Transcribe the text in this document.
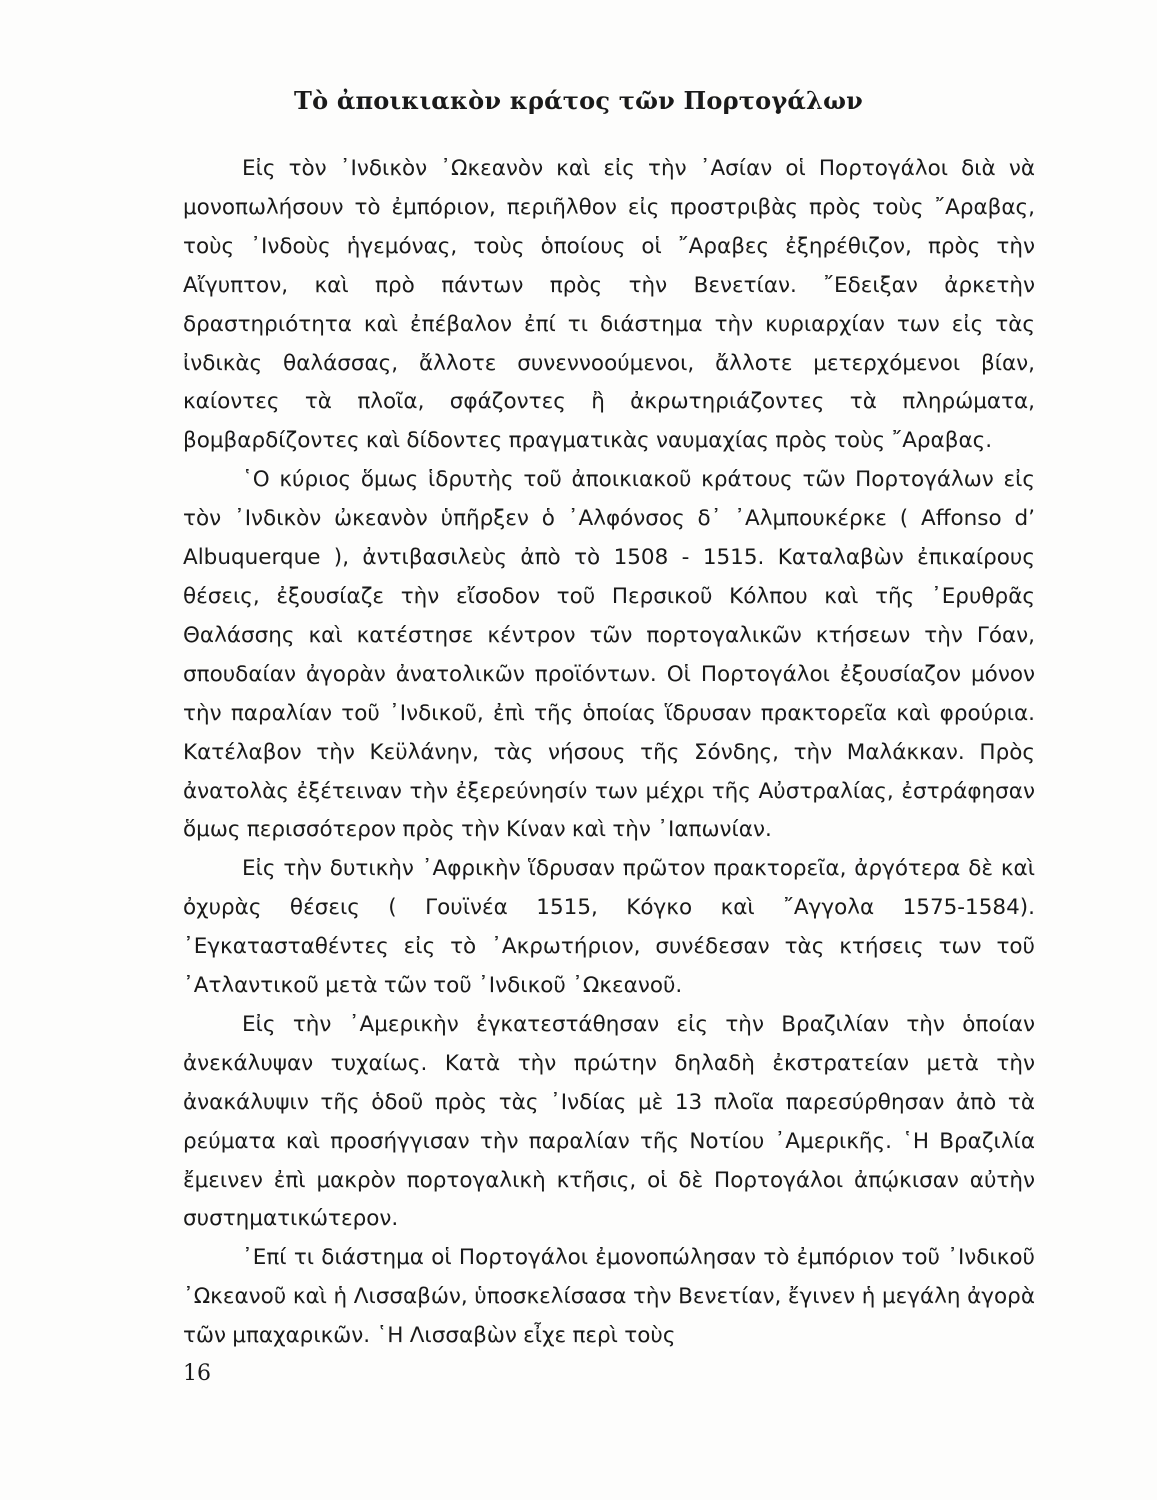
Τὸ ἀποικιακὸν κράτος τῶν Πορτογάλων

Εἰς τὸν ᾿Ινδικὸν ᾿Ωκεανὸν καὶ εἰς τὴν ᾿Ασίαν οἱ Πορτογάλοι διὰ νὰ μονοπωλήσουν τὸ ἐμπόριον, περιῆλθον εἰς προστριβὰς πρὸς τοὺς ῎Αραβας, τοὺς ᾿Ινδοὺς ἡγεμόνας, τοὺς ὁποίους οἱ ῎Αραβες ἐξηρέθιζον, πρὸς τὴν Αἴγυπτον, καὶ πρὸ πάντων πρὸς τὴν Βενετίαν. ῎Εδειξαν ἀρκετὴν δραστηριότητα καὶ ἐπέβαλον ἐπί τι διάστημα τὴν κυριαρχίαν των εἰς τὰς ἰνδικὰς θαλάσσας, ἄλλοτε συνεννοούμενοι, ἄλλοτε μετερχόμενοι βίαν, καίοντες τὰ πλοῖα, σφάζοντες ἢ ἀκρωτηριάζοντες τὰ πληρώματα, βομβαρδίζοντες καὶ δίδοντες πραγματικὰς ναυμαχίας πρὸς τοὺς ῎Αραβας.

῾Ο κύριος ὅμως ἱδρυτὴς τοῦ ἀποικιακοῦ κράτους τῶν Πορτογάλων εἰς τὸν ᾿Ινδικὸν ὠκεανὸν ὑπῆρξεν ὁ ᾿Αλφόνσος δ᾿ ᾿Αλμπουκέρκε ( Affonso d’ Albuquerque ), ἀντιβασιλεὺς ἀπὸ τὸ 1508 - 1515. Καταλαβὼν ἐπικαίρους θέσεις, ἐξουσίαζε τὴν εἴσοδον τοῦ Περσικοῦ Κόλπου καὶ τῆς ᾿Ερυθρᾶς Θαλάσσης καὶ κατέστησε κέντρον τῶν πορτογαλικῶν κτήσεων τὴν Γόαν, σπουδαίαν ἀγορὰν ἀνατολικῶν προϊόντων. Οἱ Πορτογάλοι ἐξουσίαζον μόνον τὴν παραλίαν τοῦ ᾿Ινδικοῦ, ἐπὶ τῆς ὁποίας ἵδρυσαν πρακτορεῖα καὶ φρούρια. Κατέλαβον τὴν Κεϋλάνην, τὰς νήσους τῆς Σόνδης, τὴν Μαλάκκαν. Πρὸς ἀνατολὰς ἐξέτειναν τὴν ἐξερεύνησίν των μέχρι τῆς Αὐστραλίας, ἐστράφησαν ὅμως περισσότερον πρὸς τὴν Κίναν καὶ τὴν ᾿Ιαπωνίαν.

Εἰς τὴν δυτικὴν ᾿Αφρικὴν ἵδρυσαν πρῶτον πρακτορεῖα, ἀργότερα δὲ καὶ ὀχυρὰς θέσεις ( Γουϊνέα 1515, Κόγκο καὶ ῎Αγγολα 1575-1584). ᾿Εγκατασταθέντες εἰς τὸ ᾿Ακρωτήριον, συνέδεσαν τὰς κτήσεις των τοῦ ᾿Ατλαντικοῦ μετὰ τῶν τοῦ ᾿Ινδικοῦ ᾿Ωκεανοῦ.

Εἰς τὴν ᾿Αμερικὴν ἐγκατεστάθησαν εἰς τὴν Βραζιλίαν τὴν ὁποίαν ἀνεκάλυψαν τυχαίως. Κατὰ τὴν πρώτην δηλαδὴ ἐκστρατείαν μετὰ τὴν ἀνακάλυψιν τῆς ὁδοῦ πρὸς τὰς ᾿Ινδίας μὲ 13 πλοῖα παρεσύρθησαν ἀπὸ τὰ ρεύματα καὶ προσήγγισαν τὴν παραλίαν τῆς Νοτίου ᾿Αμερικῆς. ῾Η Βραζιλία ἔμεινεν ἐπὶ μακρὸν πορτογαλικὴ κτῆσις, οἱ δὲ Πορτογάλοι ἀπῴκισαν αὐτὴν συστηματικώτερον.

᾿Επί τι διάστημα οἱ Πορτογάλοι ἐμονοπώλησαν τὸ ἐμπόριον τοῦ ᾿Ινδικοῦ ᾿Ωκεανοῦ καὶ ἡ Λισσαβών, ὑποσκελίσασα τὴν Βενετίαν, ἔγινεν ἡ μεγάλη ἀγορὰ τῶν μπαχαρικῶν. ῾Η Λισσαβὼν εἶχε περὶ τοὺς

16
